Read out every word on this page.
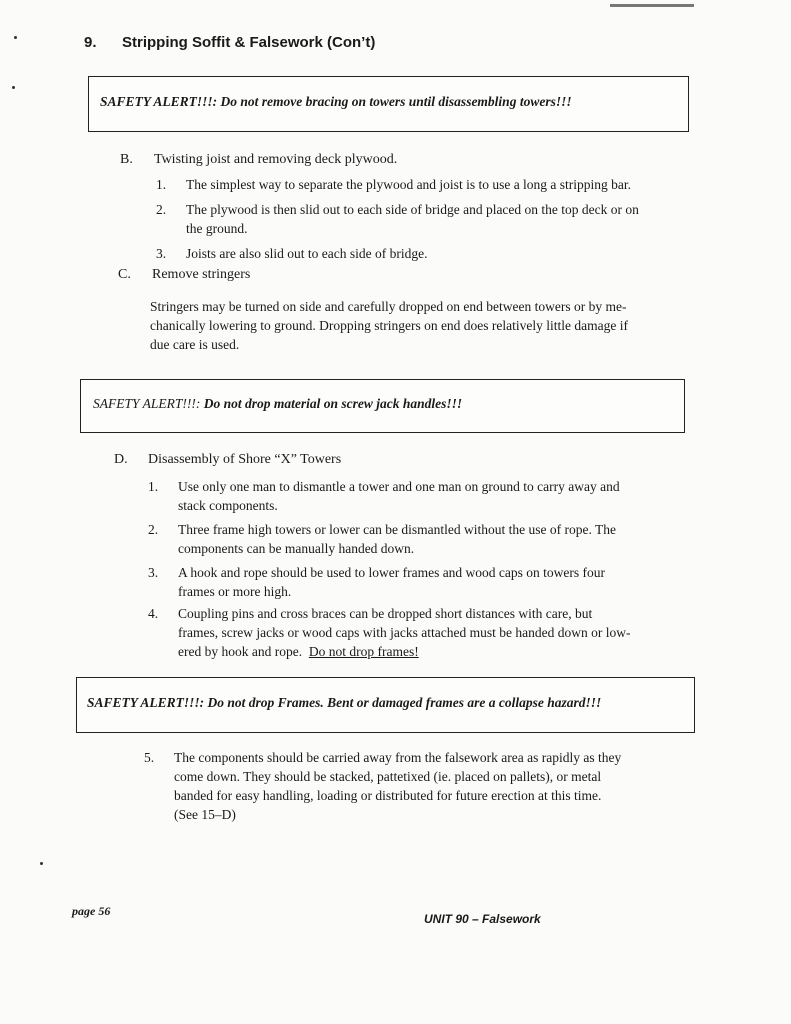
9. Stripping Soffit & Falsework (Con’t)
SAFETY ALERT!!!: Do not remove bracing on towers until disassembling towers!!!
B. Twisting joist and removing deck plywood.
1. The simplest way to separate the plywood and joist is to use a long a stripping bar.
2. The plywood is then slid out to each side of bridge and placed on the top deck or on
the ground.
3. Joists are also slid out to each side of bridge.
C. Remove stringers
Stringers may be turned on side and carefully dropped on end between towers or by me-
chanically lowering to ground. Dropping stringers on end does relatively little damage if
due care is used.
SAFETY ALERT!!!: Do not drop material on screw jack handles!!!
D. Disassembly of Shore “X” Towers
1. Use only one man to dismantle a tower and one man on ground to carry away and
stack components.
2. Three frame high towers or lower can be dismantled without the use of rope. The
components can be manually handed down.
3. A hook and rope should be used to lower frames and wood caps on towers four
frames or more high.
4. Coupling pins and cross braces can be dropped short distances with care, but
frames, screw jacks or wood caps with jacks attached must be handed down or low-
ered by hook and rope. Do not drop frames!
SAFETY ALERT!!!: Do not drop Frames. Bent or damaged frames are a collapse hazard!!!
5. The components should be carried away from the falsework area as rapidly as they
come down. They should be stacked, pattetixed (ie. placed on pallets), or metal
banded for easy handling, loading or distributed for future erection at this time.
(See 15–D)
page 56
UNIT 90 – Falsework
